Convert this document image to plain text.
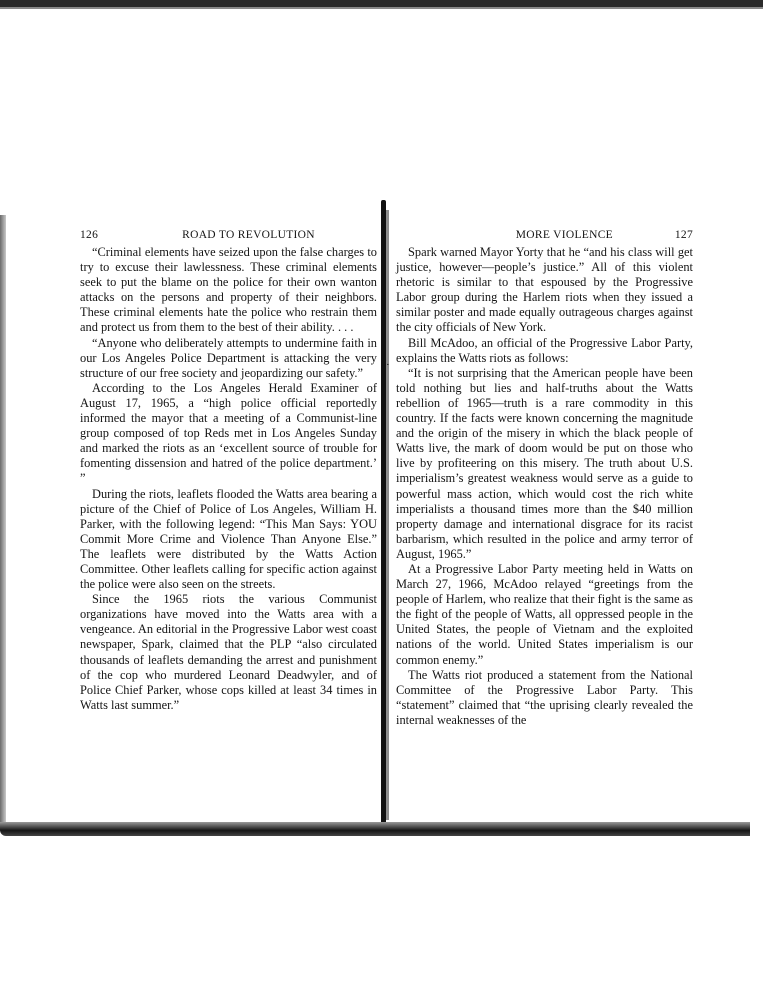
·
126	ROAD TO REVOLUTION

“Criminal elements have seized upon the false charges to try to excuse their lawlessness. These criminal elements seek to put the blame on the police for their own wanton attacks on the persons and property of their neighbors. These criminal elements hate the police who restrain them and protect us from them to the best of their ability. . . .

“Anyone who deliberately attempts to undermine faith in our Los Angeles Police Department is attacking the very structure of our free society and jeopardizing our safety.”

According to the Los Angeles Herald Examiner of August 17, 1965, a “high police official reportedly informed the mayor that a meeting of a Communist-line group composed of top Reds met in Los Angeles Sunday and marked the riots as an ‘excellent source of trouble for fomenting dissension and hatred of the police department.’ ”

During the riots, leaflets flooded the Watts area bearing a picture of the Chief of Police of Los Angeles, William H. Parker, with the following legend: “This Man Says: YOU Commit More Crime and Violence Than Anyone Else.” The leaflets were distributed by the Watts Action Committee. Other leaflets calling for specific action against the police were also seen on the streets.

Since the 1965 riots the various Communist organizations have moved into the Watts area with a vengeance. An editorial in the Progressive Labor west coast newspaper, Spark, claimed that the PLP “also circulated thousands of leaflets demanding the arrest and punishment of the cop who murdered Leonard Deadwyler, and of Police Chief Parker, whose cops killed at least 34 times in Watts last summer.”

MORE VIOLENCE	127

Spark warned Mayor Yorty that he “and his class will get justice, however—people’s justice.” All of this violent rhetoric is similar to that espoused by the Progressive Labor group during the Harlem riots when they issued a similar poster and made equally outrageous charges against the city officials of New York.

Bill McAdoo, an official of the Progressive Labor Party, explains the Watts riots as follows:

“It is not surprising that the American people have been told nothing but lies and half-truths about the Watts rebellion of 1965—truth is a rare commodity in this country. If the facts were known concerning the magnitude and the origin of the misery in which the black people of Watts live, the mark of doom would be put on those who live by profiteering on this misery. The truth about U.S. imperialism’s greatest weakness would serve as a guide to powerful mass action, which would cost the rich white imperialists a thousand times more than the $40 million property damage and international disgrace for its racist barbarism, which resulted in the police and army terror of August, 1965.”

At a Progressive Labor Party meeting held in Watts on March 27, 1966, McAdoo relayed “greetings from the people of Harlem, who realize that their fight is the same as the fight of the people of Watts, all oppressed people in the United States, the people of Vietnam and the exploited nations of the world. United States imperialism is our common enemy.”

The Watts riot produced a statement from the National Committee of the Progressive Labor Party. This “statement” claimed that “the uprising clearly revealed the internal weaknesses of the
